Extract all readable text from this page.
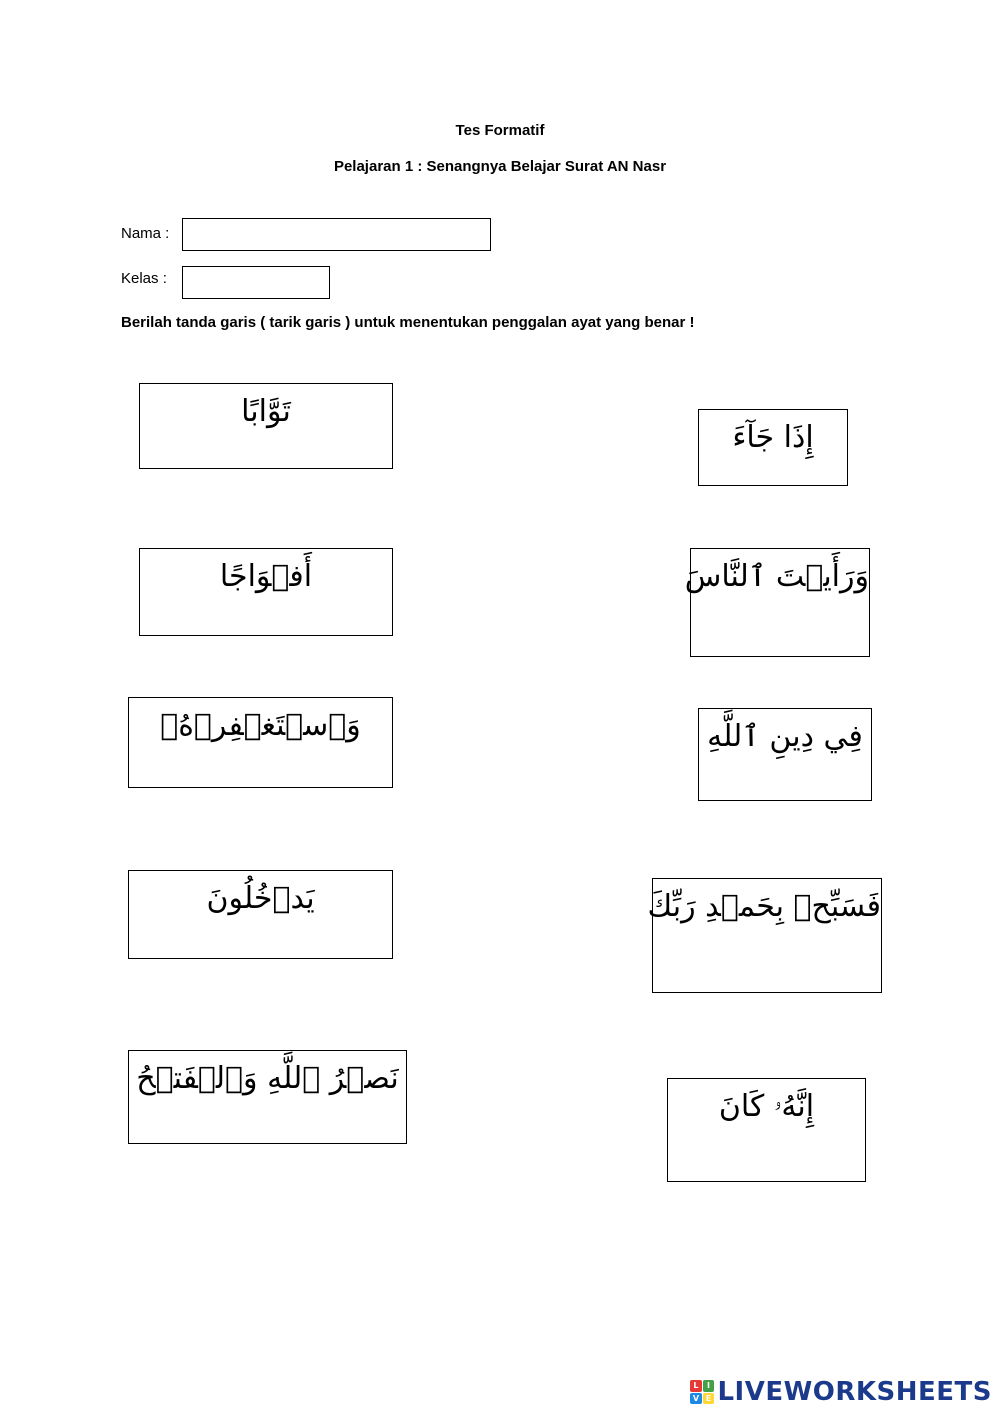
Tes Formatif
Pelajaran 1 : Senangnya Belajar Surat AN Nasr
Nama :
Kelas :
Berilah tanda garis ( tarik garis ) untuk menentukan penggalan ayat yang benar !
تَوَّابًا
أَفۡوَاجًا
وَٱسۡتَغۡفِرۡهُۚ
يَدۡخُلُونَ
نَصۡرُ ٱللَّهِ وَٱلۡفَتۡحُ
إِذَا جَآءَ
وَرَأَيۡتَ ٱلنَّاسَ
فِي دِينِ ٱللَّهِ
فَسَبِّحۡ بِحَمۡدِ رَبِّكَ
إِنَّهُۥ كَانَ
L I
V E LIVEWORKSHEETS
